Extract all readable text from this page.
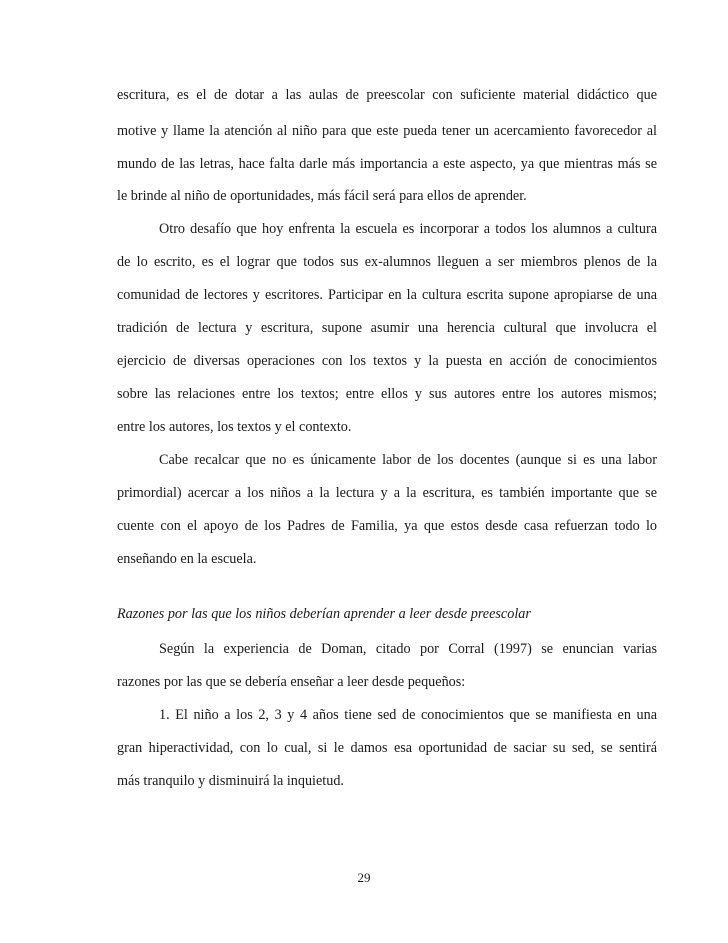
escritura, es el de dotar a las aulas de preescolar con suficiente material didáctico que
motive y llame la atención al niño para que este pueda tener un acercamiento favorecedor al
mundo de las letras, hace falta darle más importancia a este aspecto, ya que mientras más se
le brinde al niño de oportunidades, más fácil será para ellos de aprender.
Otro desafío que hoy enfrenta la escuela es incorporar a todos los alumnos a cultura
de lo escrito, es el lograr que todos sus ex-alumnos lleguen a ser miembros plenos de la
comunidad de lectores y escritores. Participar en la cultura escrita supone apropiarse de una
tradición de lectura y escritura, supone asumir una herencia cultural que involucra el
ejercicio de diversas operaciones con los textos y la puesta en acción de conocimientos
sobre las relaciones entre los textos; entre ellos y sus autores entre los autores mismos;
entre los autores, los textos y el contexto.
Cabe recalcar que no es únicamente labor de los docentes (aunque si es una labor
primordial) acercar a los niños a la lectura y a la escritura, es también importante que se
cuente con el apoyo de los Padres de Familia, ya que estos desde casa refuerzan todo lo
enseñando en la escuela.
Razones por las que los niños deberían aprender a leer desde preescolar
Según la experiencia de Doman, citado por Corral (1997) se enuncian varias
razones por las que se debería enseñar a leer desde pequeños:
1. El niño a los 2, 3 y 4 años tiene sed de conocimientos que se manifiesta en una
gran hiperactividad, con lo cual, si le damos esa oportunidad de saciar su sed, se sentirá
más tranquilo y disminuirá la inquietud.
29
